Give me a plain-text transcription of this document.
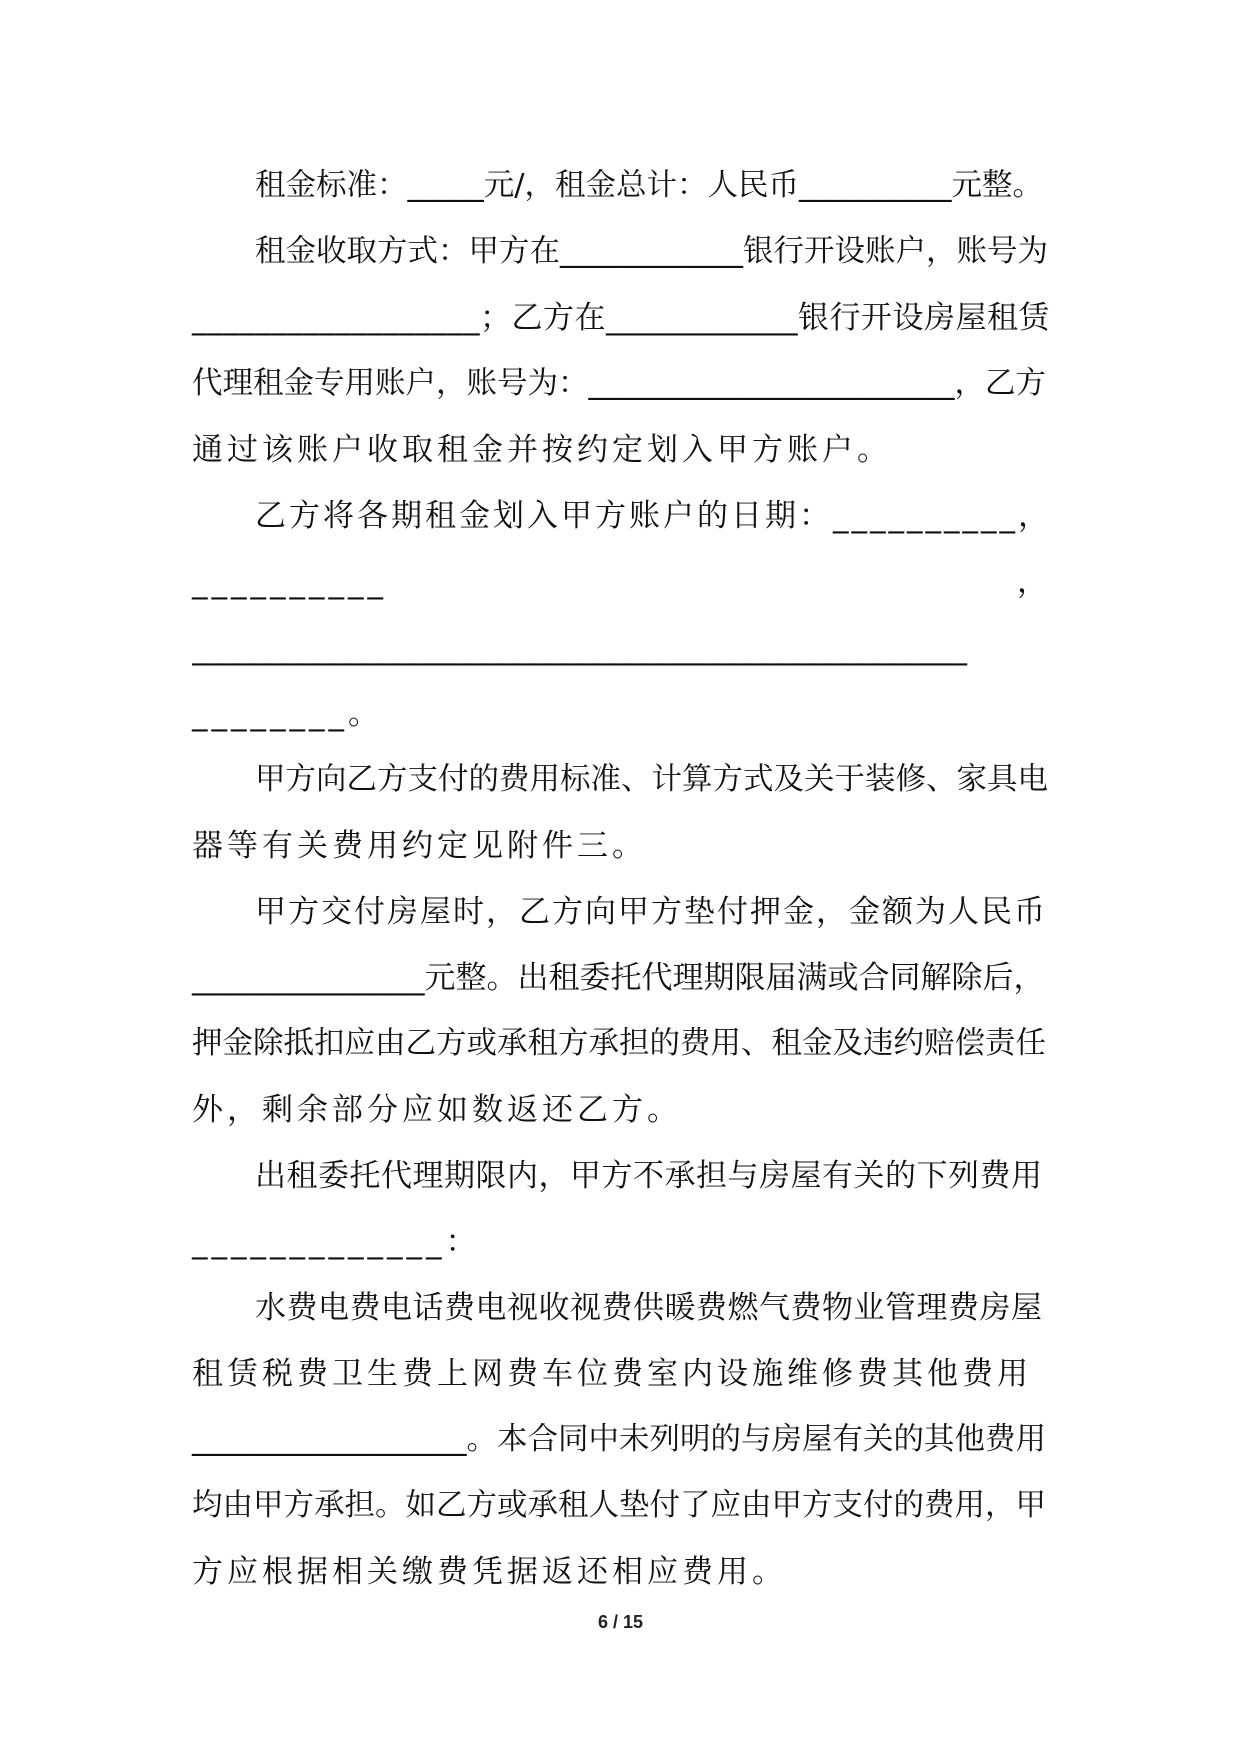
租金标准：_____元/，租金总计：人民币__________元整。
租金收取方式：甲方在____________银行开设账户，账号为
__________________；乙方在____________银行开设房屋租赁
代理租金专用账户，账号为：________________________，乙方
通过该账户收取租金并按约定划入甲方账户。
乙方将各期租金划入甲方账户的日期：__________，
__________	，
__________________________________________________
________。
甲方向乙方支付的费用标准、计算方式及关于装修、家具电
器等有关费用约定见附件三。
甲方交付房屋时，乙方向甲方垫付押金，金额为人民币
_______________元整。出租委托代理期限届满或合同解除后，
押金除抵扣应由乙方或承租方承担的费用、租金及违约赔偿责任
外，剩余部分应如数返还乙方。
出租委托代理期限内，甲方不承担与房屋有关的下列费用
_____________：
水费电费电话费电视收视费供暖费燃气费物业管理费房屋
租赁税费卫生费上网费车位费室内设施维修费其他费用
__________________。本合同中未列明的与房屋有关的其他费用
均由甲方承担。如乙方或承租人垫付了应由甲方支付的费用，甲
方应根据相关缴费凭据返还相应费用。
6 / 15
